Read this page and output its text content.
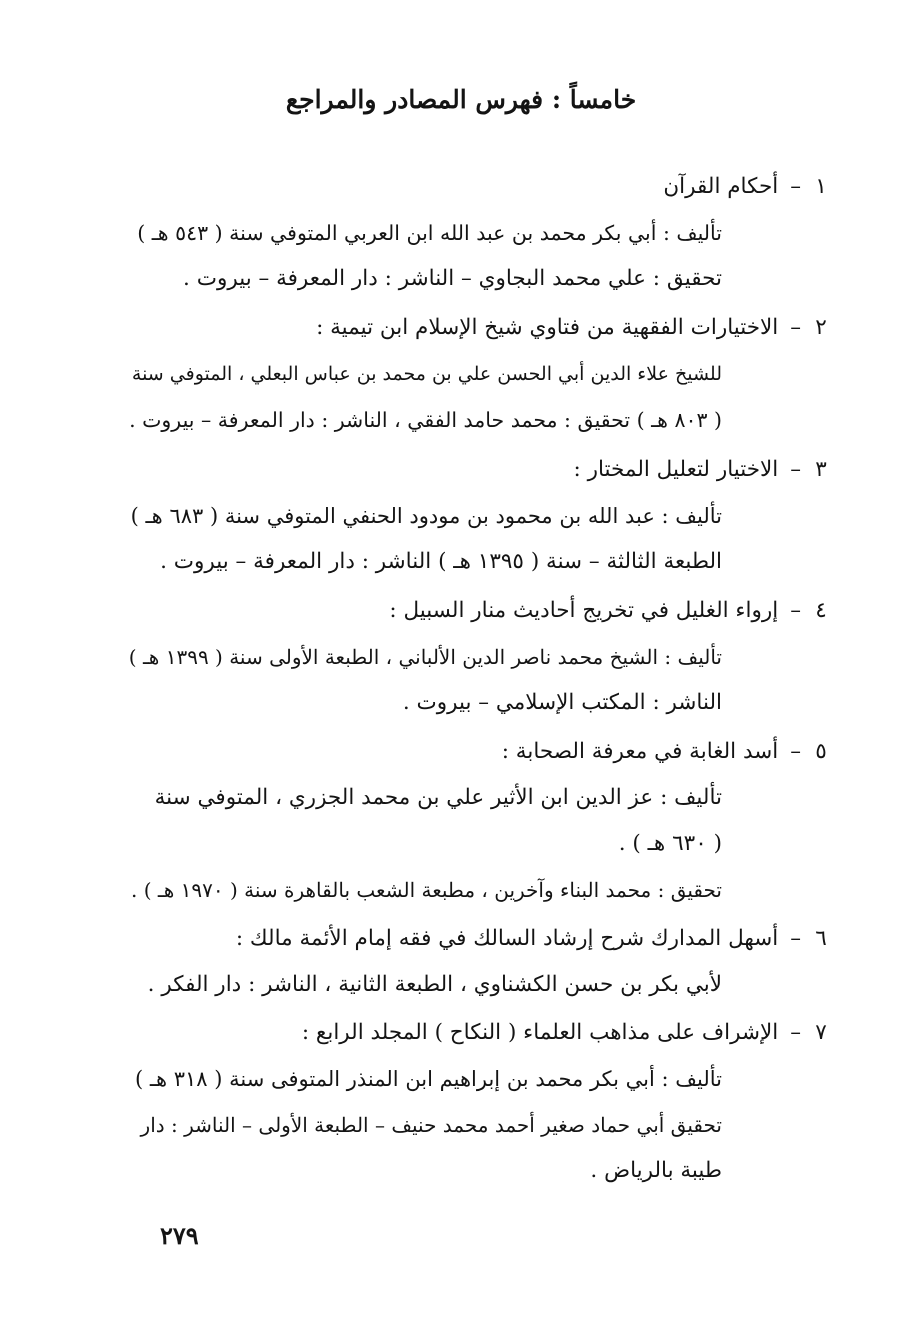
خامساً : فهرس المصادر والمراجع
١–أحكام القرآن
تأليف : أبي بكر محمد بن عبد الله ابن العربي المتوفي سنة ( ٥٤٣ هـ )
تحقيق : علي محمد البجاوي – الناشر : دار المعرفة – بيروت .
٢–الاختيارات الفقهية من فتاوي شيخ الإسلام ابن تيمية :
للشيخ علاء الدين أبي الحسن علي بن محمد بن عباس البعلي ، المتوفي سنة
( ٨٠٣ هـ ) تحقيق : محمد حامد الفقي ، الناشر : دار المعرفة – بيروت .
٣–الاختيار لتعليل المختار :
تأليف : عبد الله بن محمود بن مودود الحنفي المتوفي سنة ( ٦٨٣ هـ )
الطبعة الثالثة – سنة ( ١٣٩٥ هـ ) الناشر : دار المعرفة – بيروت .
٤–إرواء الغليل في تخريج أحاديث منار السبيل :
تأليف : الشيخ محمد ناصر الدين الألباني ، الطبعة الأولى سنة ( ١٣٩٩ هـ )
الناشر : المكتب الإسلامي – بيروت .
٥–أسد الغابة في معرفة الصحابة :
تأليف : عز الدين ابن الأثير علي بن محمد الجزري ، المتوفي سنة
( ٦٣٠ هـ ) .
تحقيق : محمد البناء وآخرين ، مطبعة الشعب بالقاهرة سنة ( ١٩٧٠ هـ ) .
٦–أسهل المدارك شرح إرشاد السالك في فقه إمام الأئمة مالك :
لأبي بكر بن حسن الكشناوي ، الطبعة الثانية ، الناشر : دار الفكر .
٧–الإشراف على مذاهب العلماء ( النكاح ) المجلد الرابع :
تأليف : أبي بكر محمد بن إبراهيم ابن المنذر المتوفى سنة ( ٣١٨ هـ )
تحقيق أبي حماد صغير أحمد محمد حنيف – الطبعة الأولى – الناشر : دار
طيبة بالرياض .
٢٧٩
